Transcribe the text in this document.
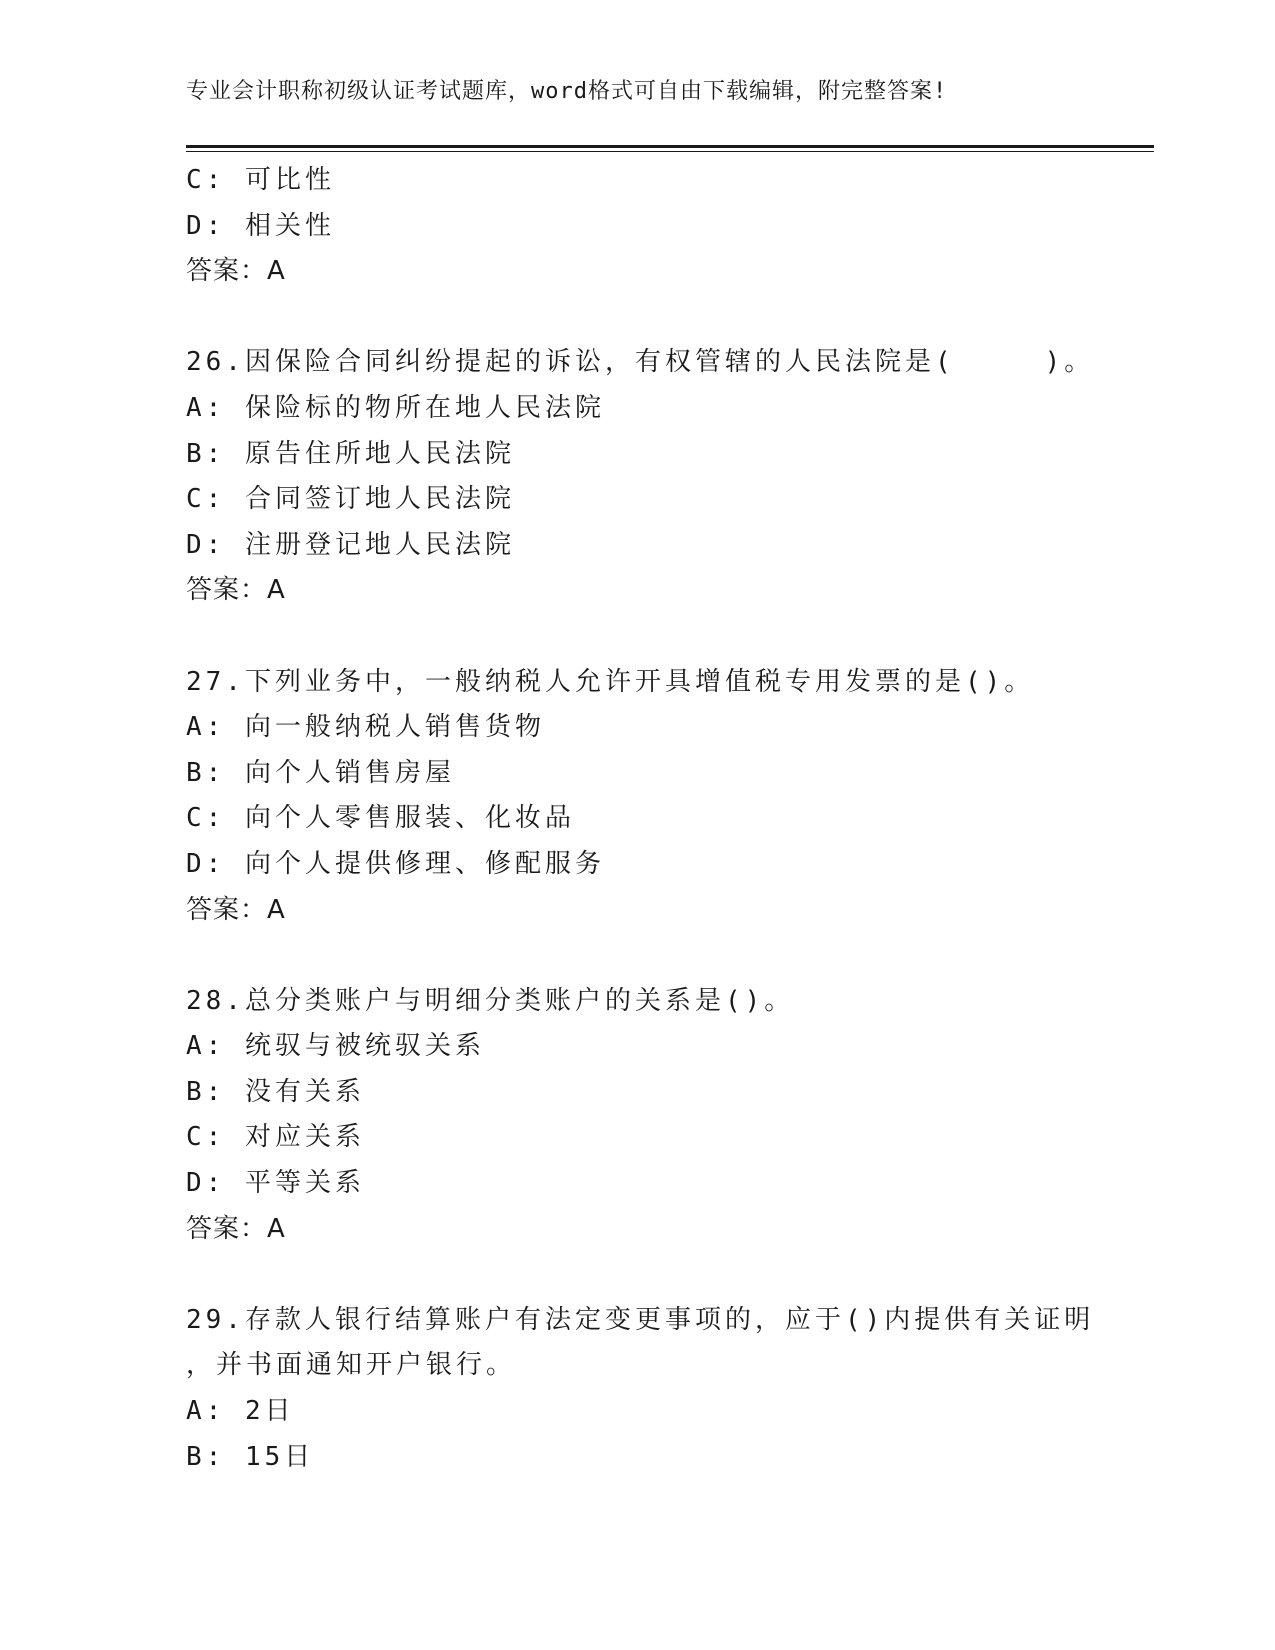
专业会计职称初级认证考试题库，word格式可自由下载编辑，附完整答案!
C: 可比性
D: 相关性
答案：A
26.因保险合同纠纷提起的诉讼，有权管辖的人民法院是(　　　)。
A: 保险标的物所在地人民法院
B: 原告住所地人民法院
C: 合同签订地人民法院
D: 注册登记地人民法院
答案：A
27.下列业务中，一般纳税人允许开具增值税专用发票的是()。
A: 向一般纳税人销售货物
B: 向个人销售房屋
C: 向个人零售服装、化妆品
D: 向个人提供修理、修配服务
答案：A
28.总分类账户与明细分类账户的关系是()。
A: 统驭与被统驭关系
B: 没有关系
C: 对应关系
D: 平等关系
答案：A
29.存款人银行结算账户有法定变更事项的，应于()内提供有关证明
，并书面通知开户银行。
A: 2日
B: 15日
